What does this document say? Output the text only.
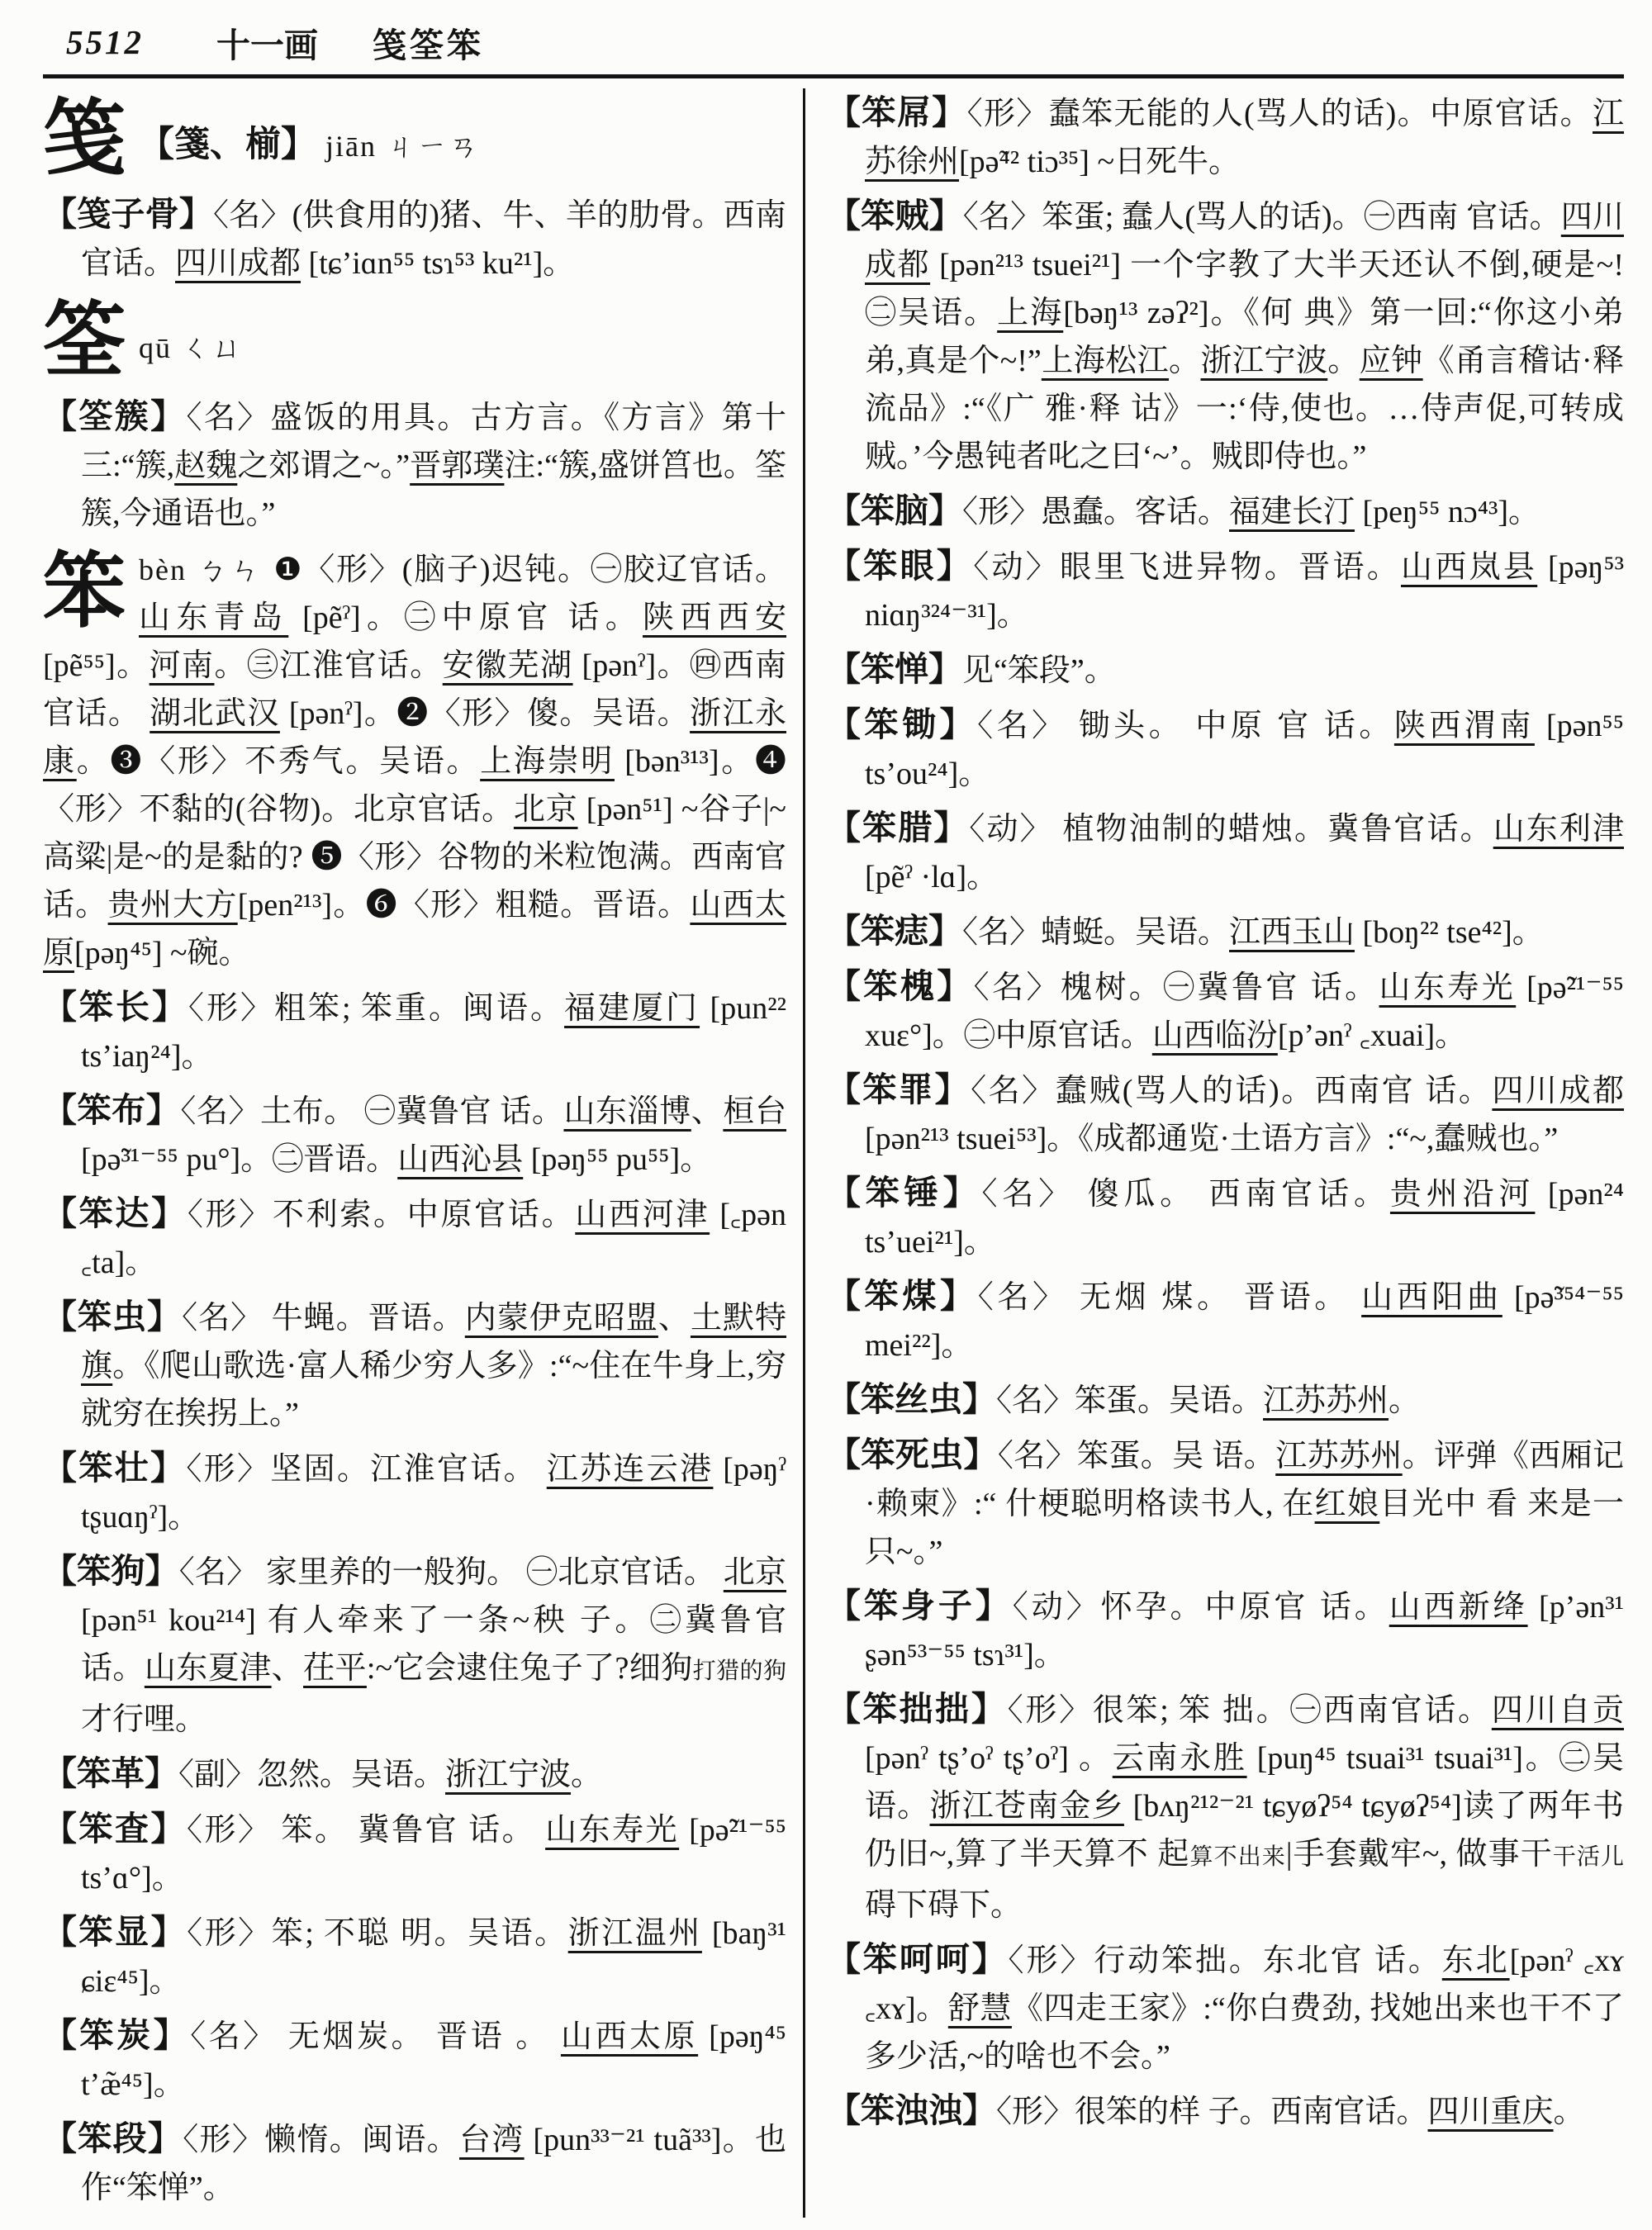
5512 十一画 笺筌笨
笺 【箋、椾】 jiān ㄐㄧㄢ
【笺子骨】〈名〉(供食用的)猪、牛、羊的肋骨。西南官话。四川成都 [tɕ’iɑn⁵⁵ tsɿ⁵³ ku²¹]。
筌 qū ㄑㄩ
【筌簇】〈名〉盛饭的用具。古方言。《方言》第十三:“簇,赵魏之郊谓之~。”晋郭璞注:“簇,盛饼筥也。筌簇,今通语也。”
笨 bèn ㄅㄣ ❶〈形〉(脑子)迟钝。㊀胶辽官话。山东青岛 [pẽˀ]。㊁中原官 话。陕西西安 [pẽ⁵⁵]。河南。㊂江淮官话。安徽芜湖 [pənˀ]。㊃西南官话。 湖北武汉 [pənˀ]。❷〈形〉傻。吴语。浙江永康。❸〈形〉不秀气。吴语。上海崇明 [bən³¹³]。❹〈形〉不黏的(谷物)。北京官话。北京 [pən⁵¹] ~谷子|~高粱|是~的是黏的? ❺〈形〉谷物的米粒饱满。西南官话。贵州大方[pen²¹³]。❻〈形〉粗糙。晋语。山西太原[pəŋ⁴⁵] ~碗。
【笨长】〈形〉粗笨; 笨重。闽语。福建厦门 [pun²² ts’iaŋ²⁴]。
【笨布】〈名〉土布。 ㊀冀鲁官 话。山东淄博、桓台 [pə̃³¹⁻⁵⁵ pu°]。㊁晋语。山西沁县 [pəŋ⁵⁵ pu⁵⁵]。
【笨达】〈形〉不利索。中原官话。山西河津 [꜀pən ꜀ta]。
【笨虫】〈名〉 牛蝇。晋语。内蒙伊克昭盟、土默特旗。《爬山歌选·富人稀少穷人多》:“~住在牛身上,穷就穷在挨拐上。”
【笨壮】〈形〉坚固。江淮官话。 江苏连云港 [pəŋˀ tʂuɑŋˀ]。
【笨狗】〈名〉 家里养的一般狗。 ㊀北京官话。 北京 [pən⁵¹ kou²¹⁴] 有人牵来了一条~秧 子。㊁冀鲁官话。山东夏津、茌平:~它会逮住兔子了?细狗打猎的狗才行哩。
【笨革】〈副〉忽然。吴语。浙江宁波。
【笨査】〈形〉 笨。 冀鲁官 话。 山东寿光 [pə̃²¹⁻⁵⁵ ts’ɑ°]。
【笨显】〈形〉笨; 不聪 明。吴语。浙江温州 [baŋ³¹ ɕiɛ⁴⁵]。
【笨炭】〈名〉 无烟炭。 晋语 。 山西太原 [pəŋ⁴⁵ t’æ̃⁴⁵]。
【笨段】〈形〉懒惰。闽语。台湾 [pun³³⁻²¹ tuã³³]。也作“笨惮”。
【笨屌】〈形〉蠢笨无能的人(骂人的话)。中原官话。江苏徐州[pə̃⁴² tiɔ³⁵] ~日死牛。
【笨贼】〈名〉笨蛋; 蠢人(骂人的话)。㊀西南 官话。四川成都 [pən²¹³ tsuei²¹] 一个字教了大半天还认不倒,硬是~! ㊁吴语。上海[bəŋ¹³ zəʔ²]。《何 典》第一回:“你这小弟弟,真是个~!”上海松江。浙江宁波。应钟《甬言稽诂·释流品》:“《广 雅·释 诂》一:‘侍,使也。…侍声促,可转成贼。’今愚钝者叱之曰‘~’。贼即侍也。”
【笨脑】〈形〉愚蠢。客话。福建长汀 [peŋ⁵⁵ nɔ⁴³]。
【笨眼】〈动〉眼里飞进异物。晋语。山西岚县 [pəŋ⁵³ niɑŋ³²⁴⁻³¹]。
【笨惮】见“笨段”。
【笨锄】〈名〉 锄头。 中原 官 话。陕西渭南 [pən⁵⁵ ts’ou²⁴]。
【笨腊】〈动〉 植物油制的蜡烛。冀鲁官话。山东利津 [pẽˀ ·lɑ]。
【笨痣】〈名〉蜻蜓。吴语。江西玉山 [boŋ²² tse⁴²]。
【笨槐】〈名〉槐树。㊀冀鲁官 话。山东寿光 [pə̃²¹⁻⁵⁵ xuɛ°]。㊁中原官话。山西临汾[p’ənˀ ꜀xuai]。
【笨罪】〈名〉蠢贼(骂人的话)。西南官 话。四川成都 [pən²¹³ tsuei⁵³]。《成都通览·土语方言》:“~,蠢贼也。”
【笨锤】〈名〉 傻瓜。 西南官话。贵州沿河 [pən²⁴ ts’uei²¹]。
【笨煤】〈名〉 无烟 煤。 晋语。 山西阳曲 [pə̃³⁵⁴⁻⁵⁵ mei²²]。
【笨丝虫】〈名〉笨蛋。吴语。江苏苏州。
【笨死虫】〈名〉笨蛋。吴 语。江苏苏州。评弹《西厢记·赖柬》:“ 什梗聪明格读书人, 在红娘目光中 看 来是一只~。”
【笨身子】〈动〉怀孕。中原官 话。山西新绛 [p’ən³¹ ʂən⁵³⁻⁵⁵ tsɿ³¹]。
【笨拙拙】〈形〉很笨; 笨 拙。㊀西南官话。四川自贡 [pənˀ tʂ’oˀ tʂ’oˀ] 。云南永胜 [puŋ⁴⁵ tsuai³¹ tsuai³¹]。㊁吴语。浙江苍南金乡 [bʌŋ²¹²⁻²¹ tɕyøʔ⁵⁴ tɕyøʔ⁵⁴]读了两年书仍旧~,算了半天算不 起算不出来|手套戴牢~, 做事干干活儿碍下碍下。
【笨呵呵】〈形〉行动笨拙。东北官 话。东北[pənˀ ꜀xɤ ꜀xɤ]。舒慧《四走王家》:“你白费劲, 找她出来也干不了多少活,~的啥也不会。”
【笨浊浊】〈形〉很笨的样 子。西南官话。四川重庆。
